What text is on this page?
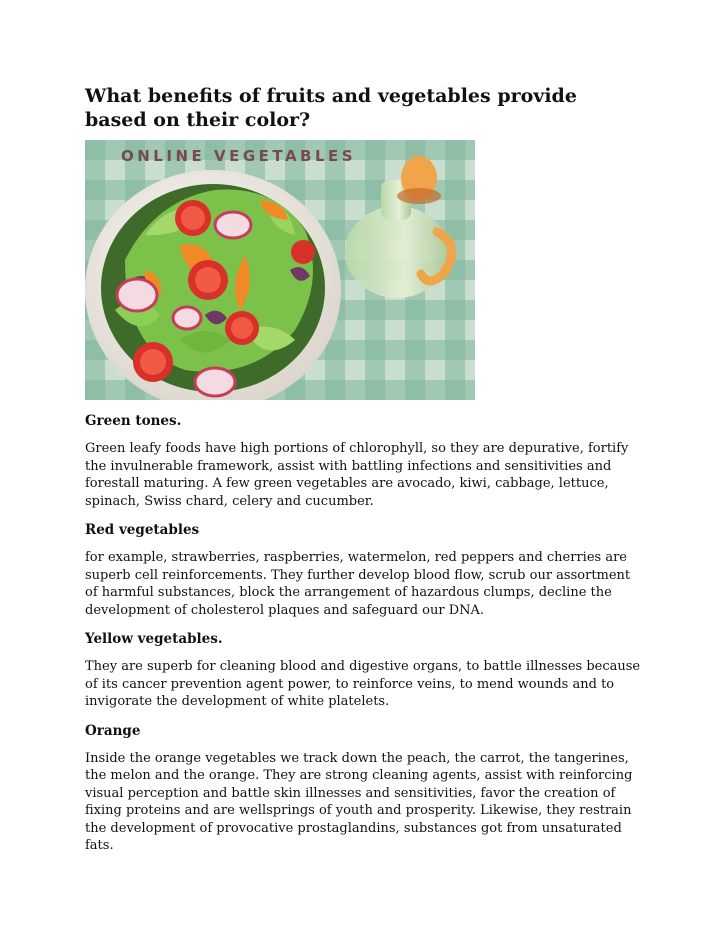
What benefits of fruits and vegetables provide based on their color?
ONLINE VEGETABLES
Green tones.

Green leafy foods have high portions of chlorophyll, so they are depurative, fortify the invulnerable framework, assist with battling infections and sensitivities and forestall maturing. A few green vegetables are avocado, kiwi, cabbage, lettuce, spinach, Swiss chard, celery and cucumber.

Red vegetables

for example, strawberries, raspberries, watermelon, red peppers and cherries are superb cell reinforcements. They further develop blood flow, scrub our assortment of harmful substances, block the arrangement of hazardous clumps, decline the development of cholesterol plaques and safeguard our DNA.

Yellow vegetables.

They are superb for cleaning blood and digestive organs, to battle illnesses because of its cancer prevention agent power, to reinforce veins, to mend wounds and to invigorate the development of white platelets.

Orange

Inside the orange vegetables we track down the peach, the carrot, the tangerines, the melon and the orange. They are strong cleaning agents, assist with reinforcing visual perception and battle skin illnesses and sensitivities, favor the creation of fixing proteins and are wellsprings of youth and prosperity. Likewise, they restrain the development of provocative prostaglandins, substances got from unsaturated fats.
